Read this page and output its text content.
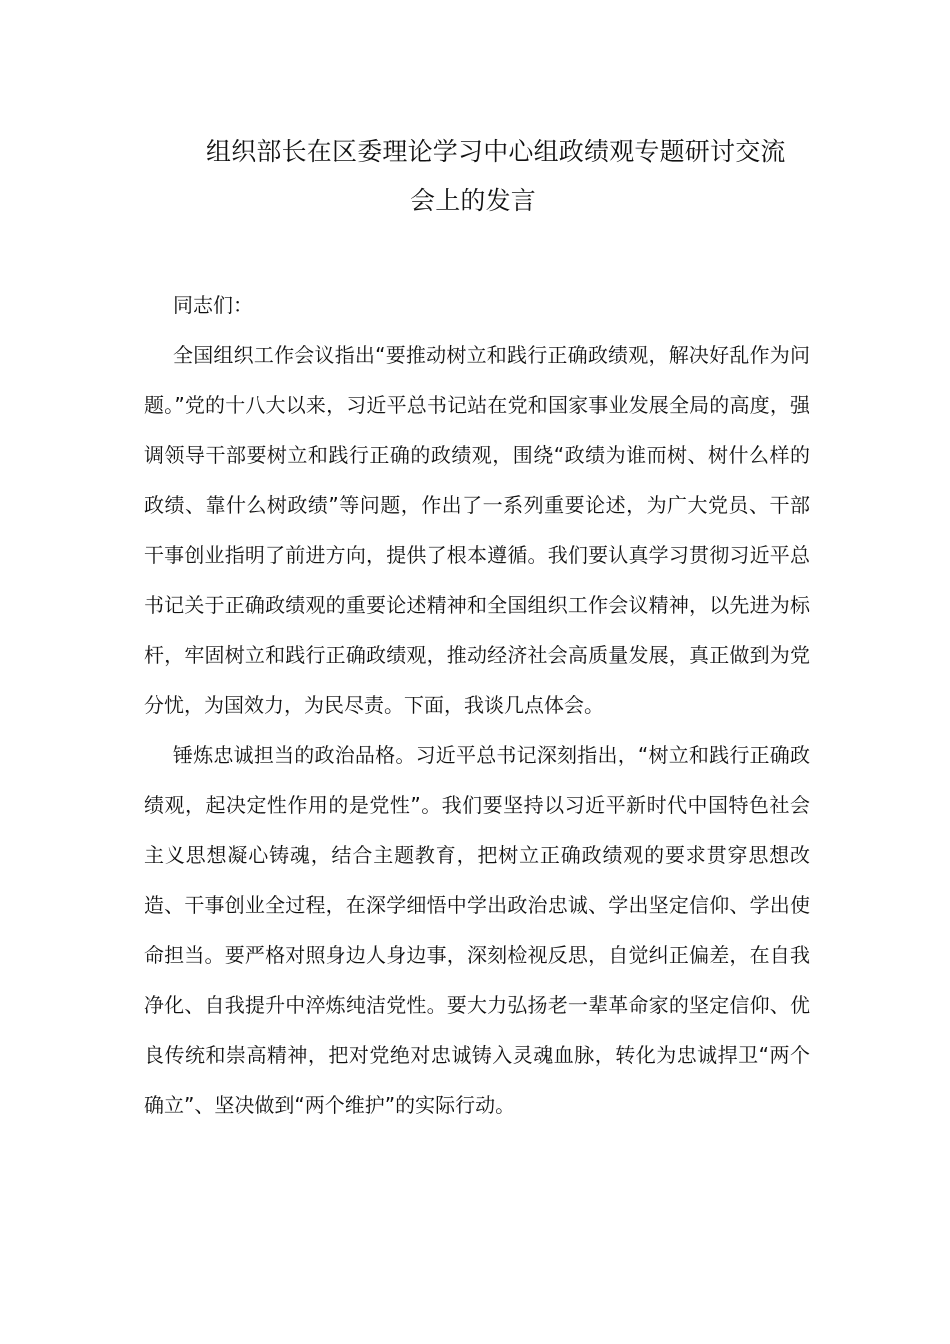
组织部长在区委理论学习中心组政绩观专题研讨交流
会上的发言

同志们：

全国组织工作会议指出“要推动树立和践行正确政绩观，解决好乱作为问题。”党的十八大以来，习近平总书记站在党和国家事业发展全局的高度，强调领导干部要树立和践行正确的政绩观，围绕“政绩为谁而树、树什么样的政绩、靠什么树政绩”等问题，作出了一系列重要论述，为广大党员、干部干事创业指明了前进方向，提供了根本遵循。我们要认真学习贯彻习近平总书记关于正确政绩观的重要论述精神和全国组织工作会议精神，以先进为标杆，牢固树立和践行正确政绩观，推动经济社会高质量发展，真正做到为党分忧，为国效力，为民尽责。下面，我谈几点体会。

锤炼忠诚担当的政治品格。习近平总书记深刻指出，“树立和践行正确政绩观，起决定性作用的是党性”。我们要坚持以习近平新时代中国特色社会主义思想凝心铸魂，结合主题教育，把树立正确政绩观的要求贯穿思想改造、干事创业全过程，在深学细悟中学出政治忠诚、学出坚定信仰、学出使命担当。要严格对照身边人身边事，深刻检视反思，自觉纠正偏差，在自我净化、自我提升中淬炼纯洁党性。要大力弘扬老一辈革命家的坚定信仰、优良传统和崇高精神，把对党绝对忠诚铸入灵魂血脉，转化为忠诚捍卫“两个确立”、坚决做到“两个维护”的实际行动。
